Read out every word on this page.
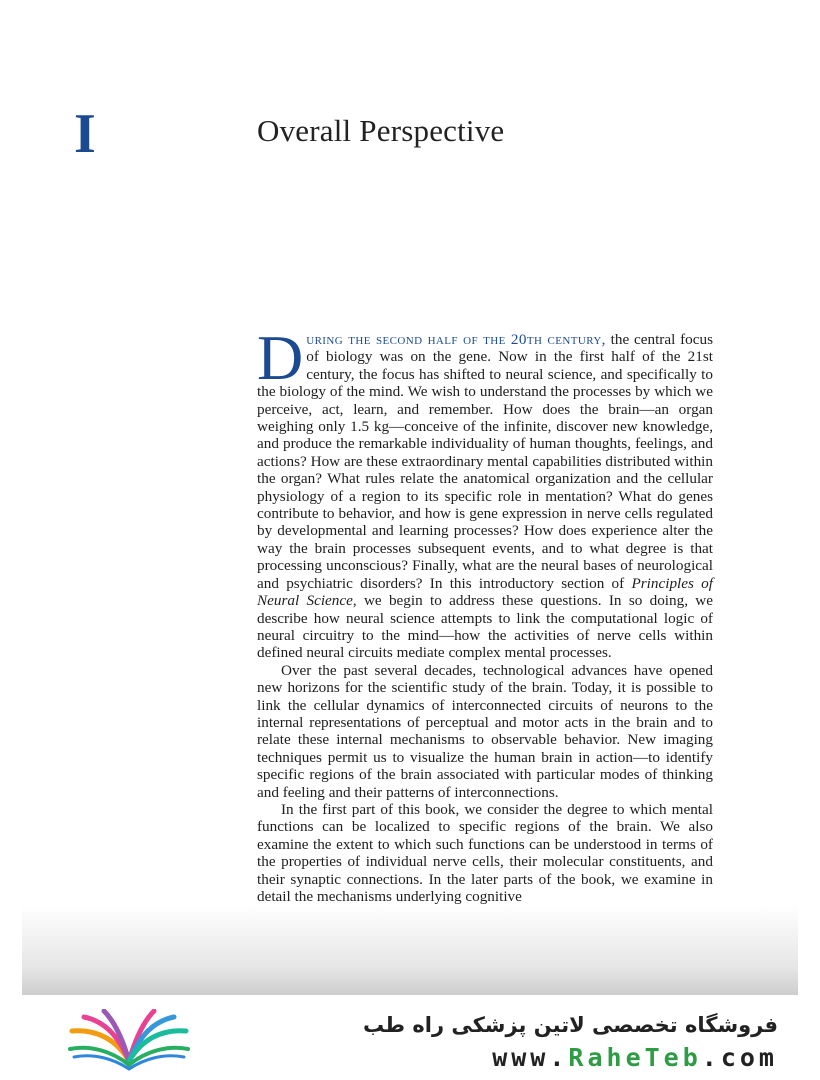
I	Overall Perspective

During the second half of the 20th century, the central focus of biology was on the gene. Now in the first half of the 21st century, the focus has shifted to neural science, and specifically to the biology of the mind. We wish to understand the processes by which we perceive, act, learn, and remember. How does the brain—an organ weighing only 1.5 kg—conceive of the infinite, discover new knowledge, and produce the remarkable individuality of human thoughts, feelings, and actions? How are these extraordinary mental capabilities distributed within the organ? What rules relate the anatomical organization and the cellular physiology of a region to its specific role in mentation? What do genes contribute to behavior, and how is gene expression in nerve cells regulated by developmental and learning processes? How does experience alter the way the brain processes subsequent events, and to what degree is that processing unconscious? Finally, what are the neural bases of neurological and psychiatric disorders? In this introductory section of Principles of Neural Science, we begin to address these questions. In so doing, we describe how neural science attempts to link the computational logic of neural circuitry to the mind—how the activities of nerve cells within defined neural circuits mediate complex mental processes.

Over the past several decades, technological advances have opened new horizons for the scientific study of the brain. Today, it is possible to link the cellular dynamics of interconnected circuits of neurons to the internal representations of perceptual and motor acts in the brain and to relate these internal mechanisms to observable behavior. New imaging techniques permit us to visualize the human brain in action—to identify specific regions of the brain associated with particular modes of thinking and feeling and their patterns of interconnections.

In the first part of this book, we consider the degree to which mental functions can be localized to specific regions of the brain. We also examine the extent to which such functions can be understood in terms of the properties of individual nerve cells, their molecular constituents, and their synaptic connections. In the later parts of the book, we examine in detail the mechanisms underlying cognitive

فروشگاه تخصصی لاتین پزشکی راه طب
www.RaheTeb.com
